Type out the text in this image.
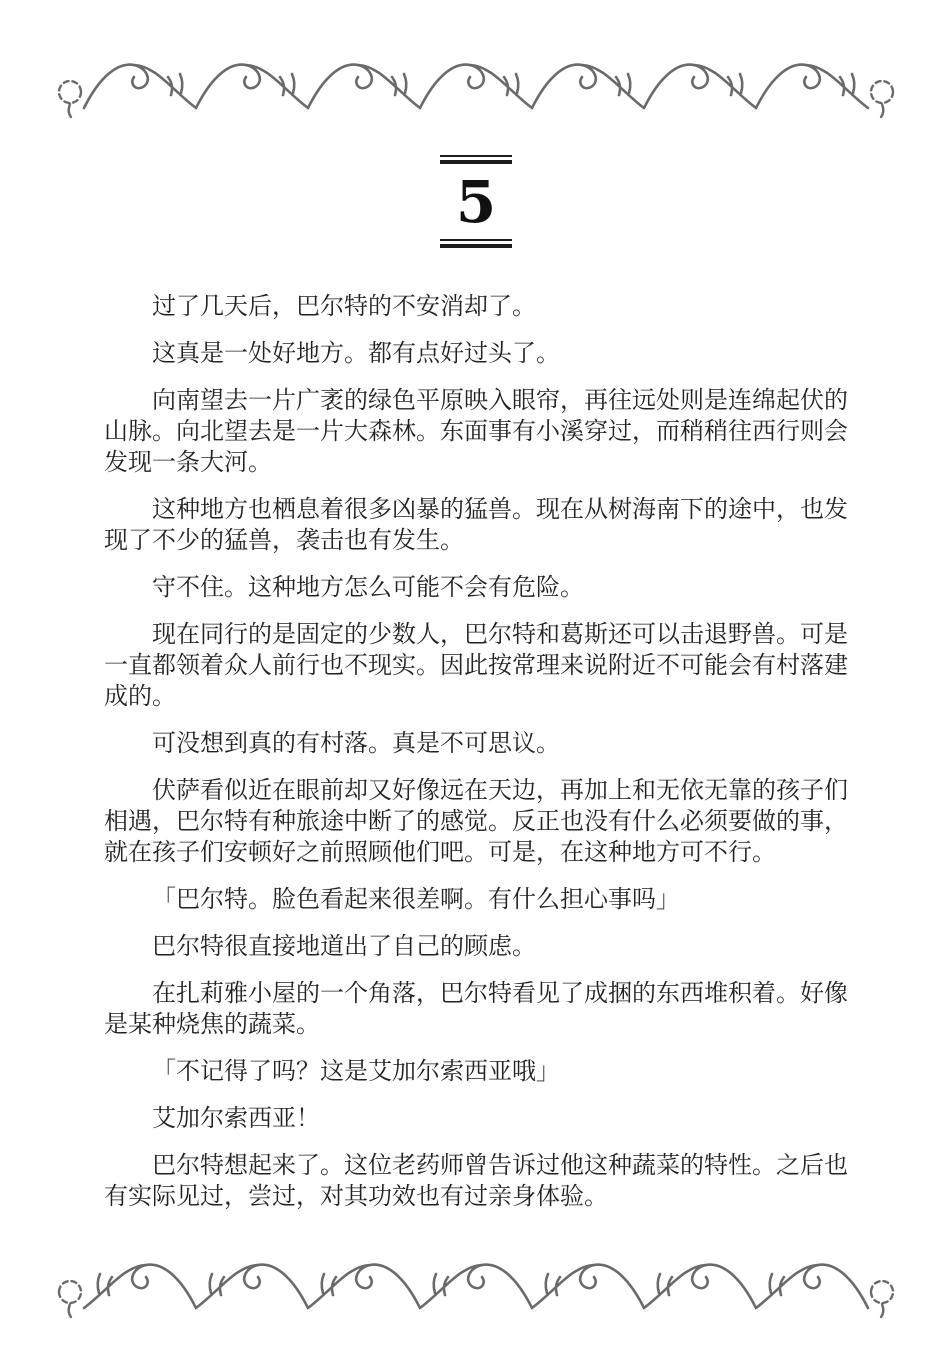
5

过了几天后，巴尔特的不安消却了。

这真是一处好地方。都有点好过头了。

向南望去一片广袤的绿色平原映入眼帘，再往远处则是连绵起伏的山脉。向北望去是一片大森林。东面事有小溪穿过，而稍稍往西行则会发现一条大河。

这种地方也栖息着很多凶暴的猛兽。现在从树海南下的途中，也发现了不少的猛兽，袭击也有发生。

守不住。这种地方怎么可能不会有危险。

现在同行的是固定的少数人，巴尔特和葛斯还可以击退野兽。可是一直都领着众人前行也不现实。因此按常理来说附近不可能会有村落建成的。

可没想到真的有村落。真是不可思议。

伏萨看似近在眼前却又好像远在天边，再加上和无依无靠的孩子们相遇，巴尔特有种旅途中断了的感觉。反正也没有什么必须要做的事，就在孩子们安顿好之前照顾他们吧。可是，在这种地方可不行。

「巴尔特。脸色看起来很差啊。有什么担心事吗」

巴尔特很直接地道出了自己的顾虑。

在扎莉雅小屋的一个角落，巴尔特看见了成捆的东西堆积着。好像是某种烧焦的蔬菜。

「不记得了吗？这是艾加尔索西亚哦」

艾加尔索西亚！

巴尔特想起来了。这位老药师曾告诉过他这种蔬菜的特性。之后也有实际见过，尝过，对其功效也有过亲身体验。
